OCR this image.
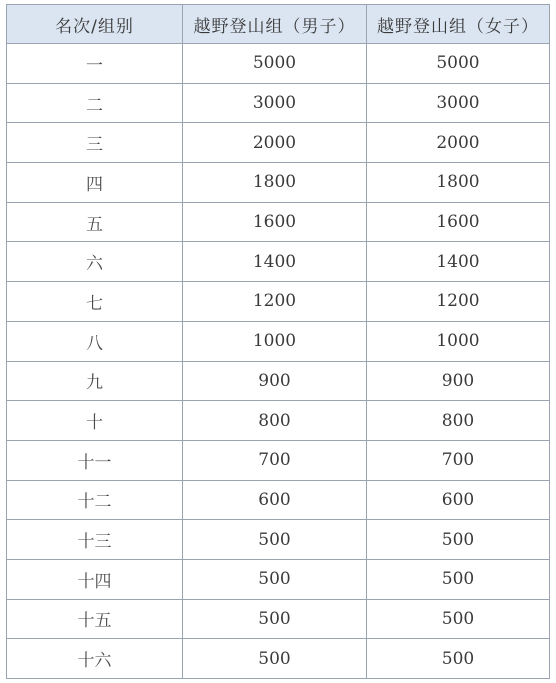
名次/组别	越野登山组（男子）	越野登山组（女子）
一	5000	5000
二	3000	3000
三	2000	2000
四	1800	1800
五	1600	1600
六	1400	1400
七	1200	1200
八	1000	1000
九	900	900
十	800	800
十一	700	700
十二	600	600
十三	500	500
十四	500	500
十五	500	500
十六	500	500
